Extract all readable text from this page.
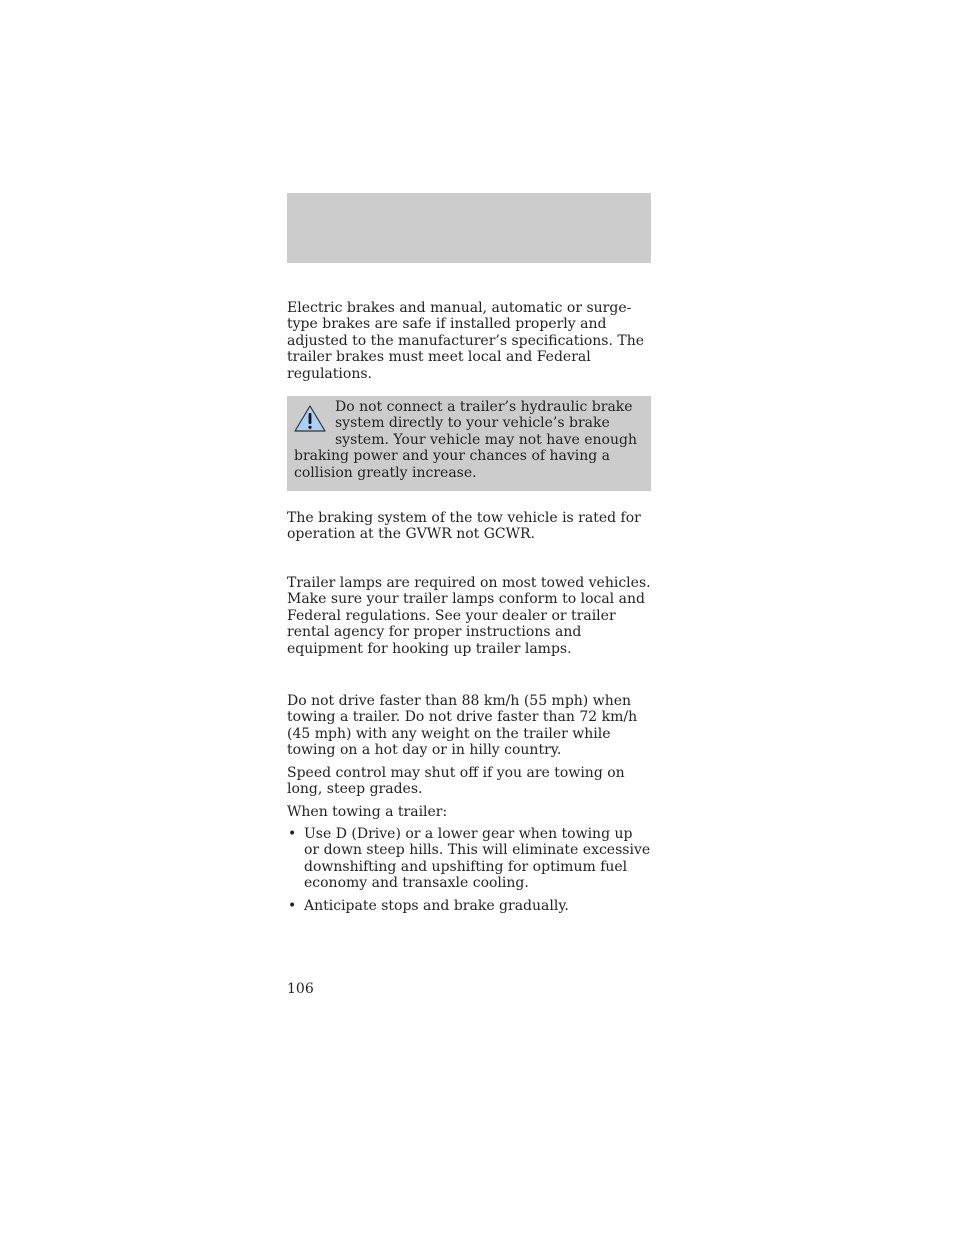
Electric brakes and manual, automatic or surge-type brakes are safe if installed properly and adjusted to the manufacturer’s specifications. The trailer brakes must meet local and Federal regulations.

Do not connect a trailer’s hydraulic brake system directly to your vehicle’s brake system. Your vehicle may not have enough braking power and your chances of having a collision greatly increase.

The braking system of the tow vehicle is rated for operation at the GVWR not GCWR.

Trailer lamps are required on most towed vehicles. Make sure your trailer lamps conform to local and Federal regulations. See your dealer or trailer rental agency for proper instructions and equipment for hooking up trailer lamps.

Do not drive faster than 88 km/h (55 mph) when towing a trailer. Do not drive faster than 72 km/h (45 mph) with any weight on the trailer while towing on a hot day or in hilly country.

Speed control may shut off if you are towing on long, steep grades.

When towing a trailer:

• Use D (Drive) or a lower gear when towing up or down steep hills. This will eliminate excessive downshifting and upshifting for optimum fuel economy and transaxle cooling.
• Anticipate stops and brake gradually.
106
